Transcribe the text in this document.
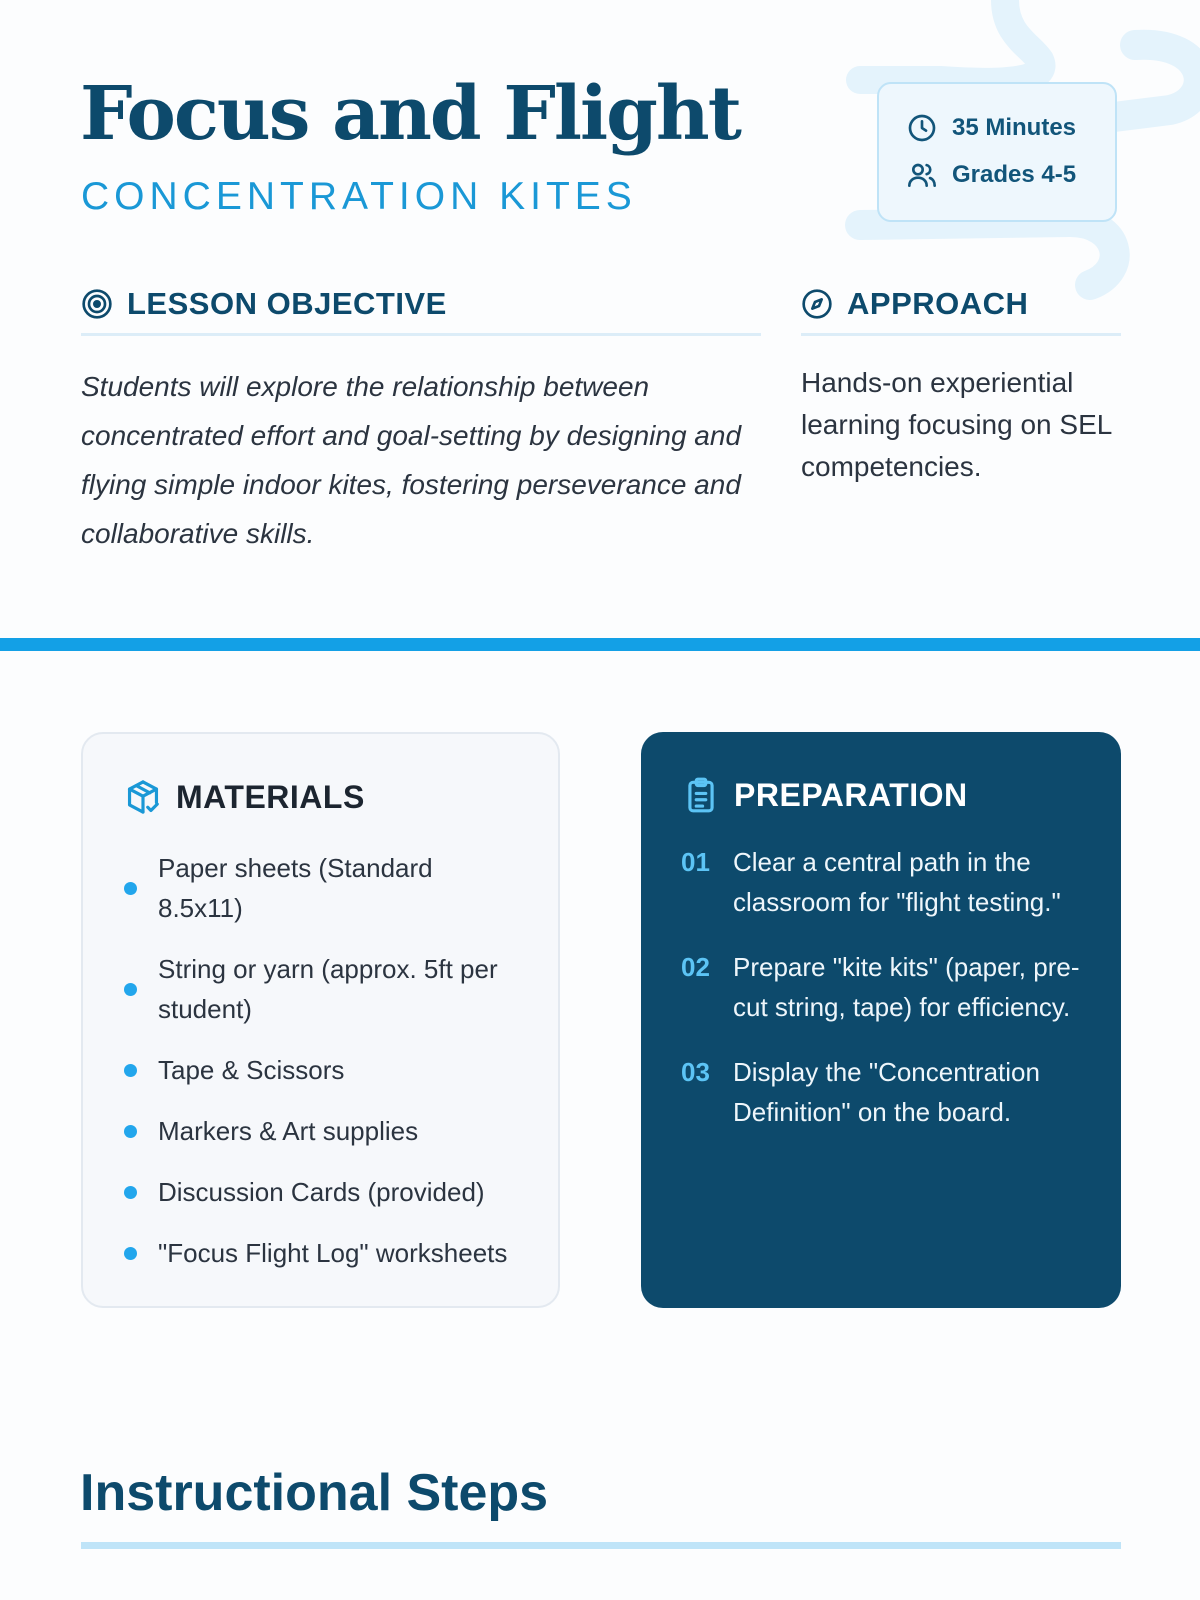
Focus and Flight
CONCENTRATION KITES
35 Minutes
Grades 4-5
LESSON OBJECTIVE

Students will explore the relationship between concentrated effort and goal-setting by designing and flying simple indoor kites, fostering perseverance and collaborative skills.

APPROACH

Hands-on experiential learning focusing on SEL competencies.

MATERIALS
Paper sheets (Standard 8.5x11)
String or yarn (approx. 5ft per student)
Tape & Scissors
Markers & Art supplies
Discussion Cards (provided)
"Focus Flight Log" worksheets
PREPARATION
01 Clear a central path in the classroom for "flight testing."
02 Prepare "kite kits" (paper, pre-cut string, tape) for efficiency.
03 Display the "Concentration Definition" on the board.
Instructional Steps
